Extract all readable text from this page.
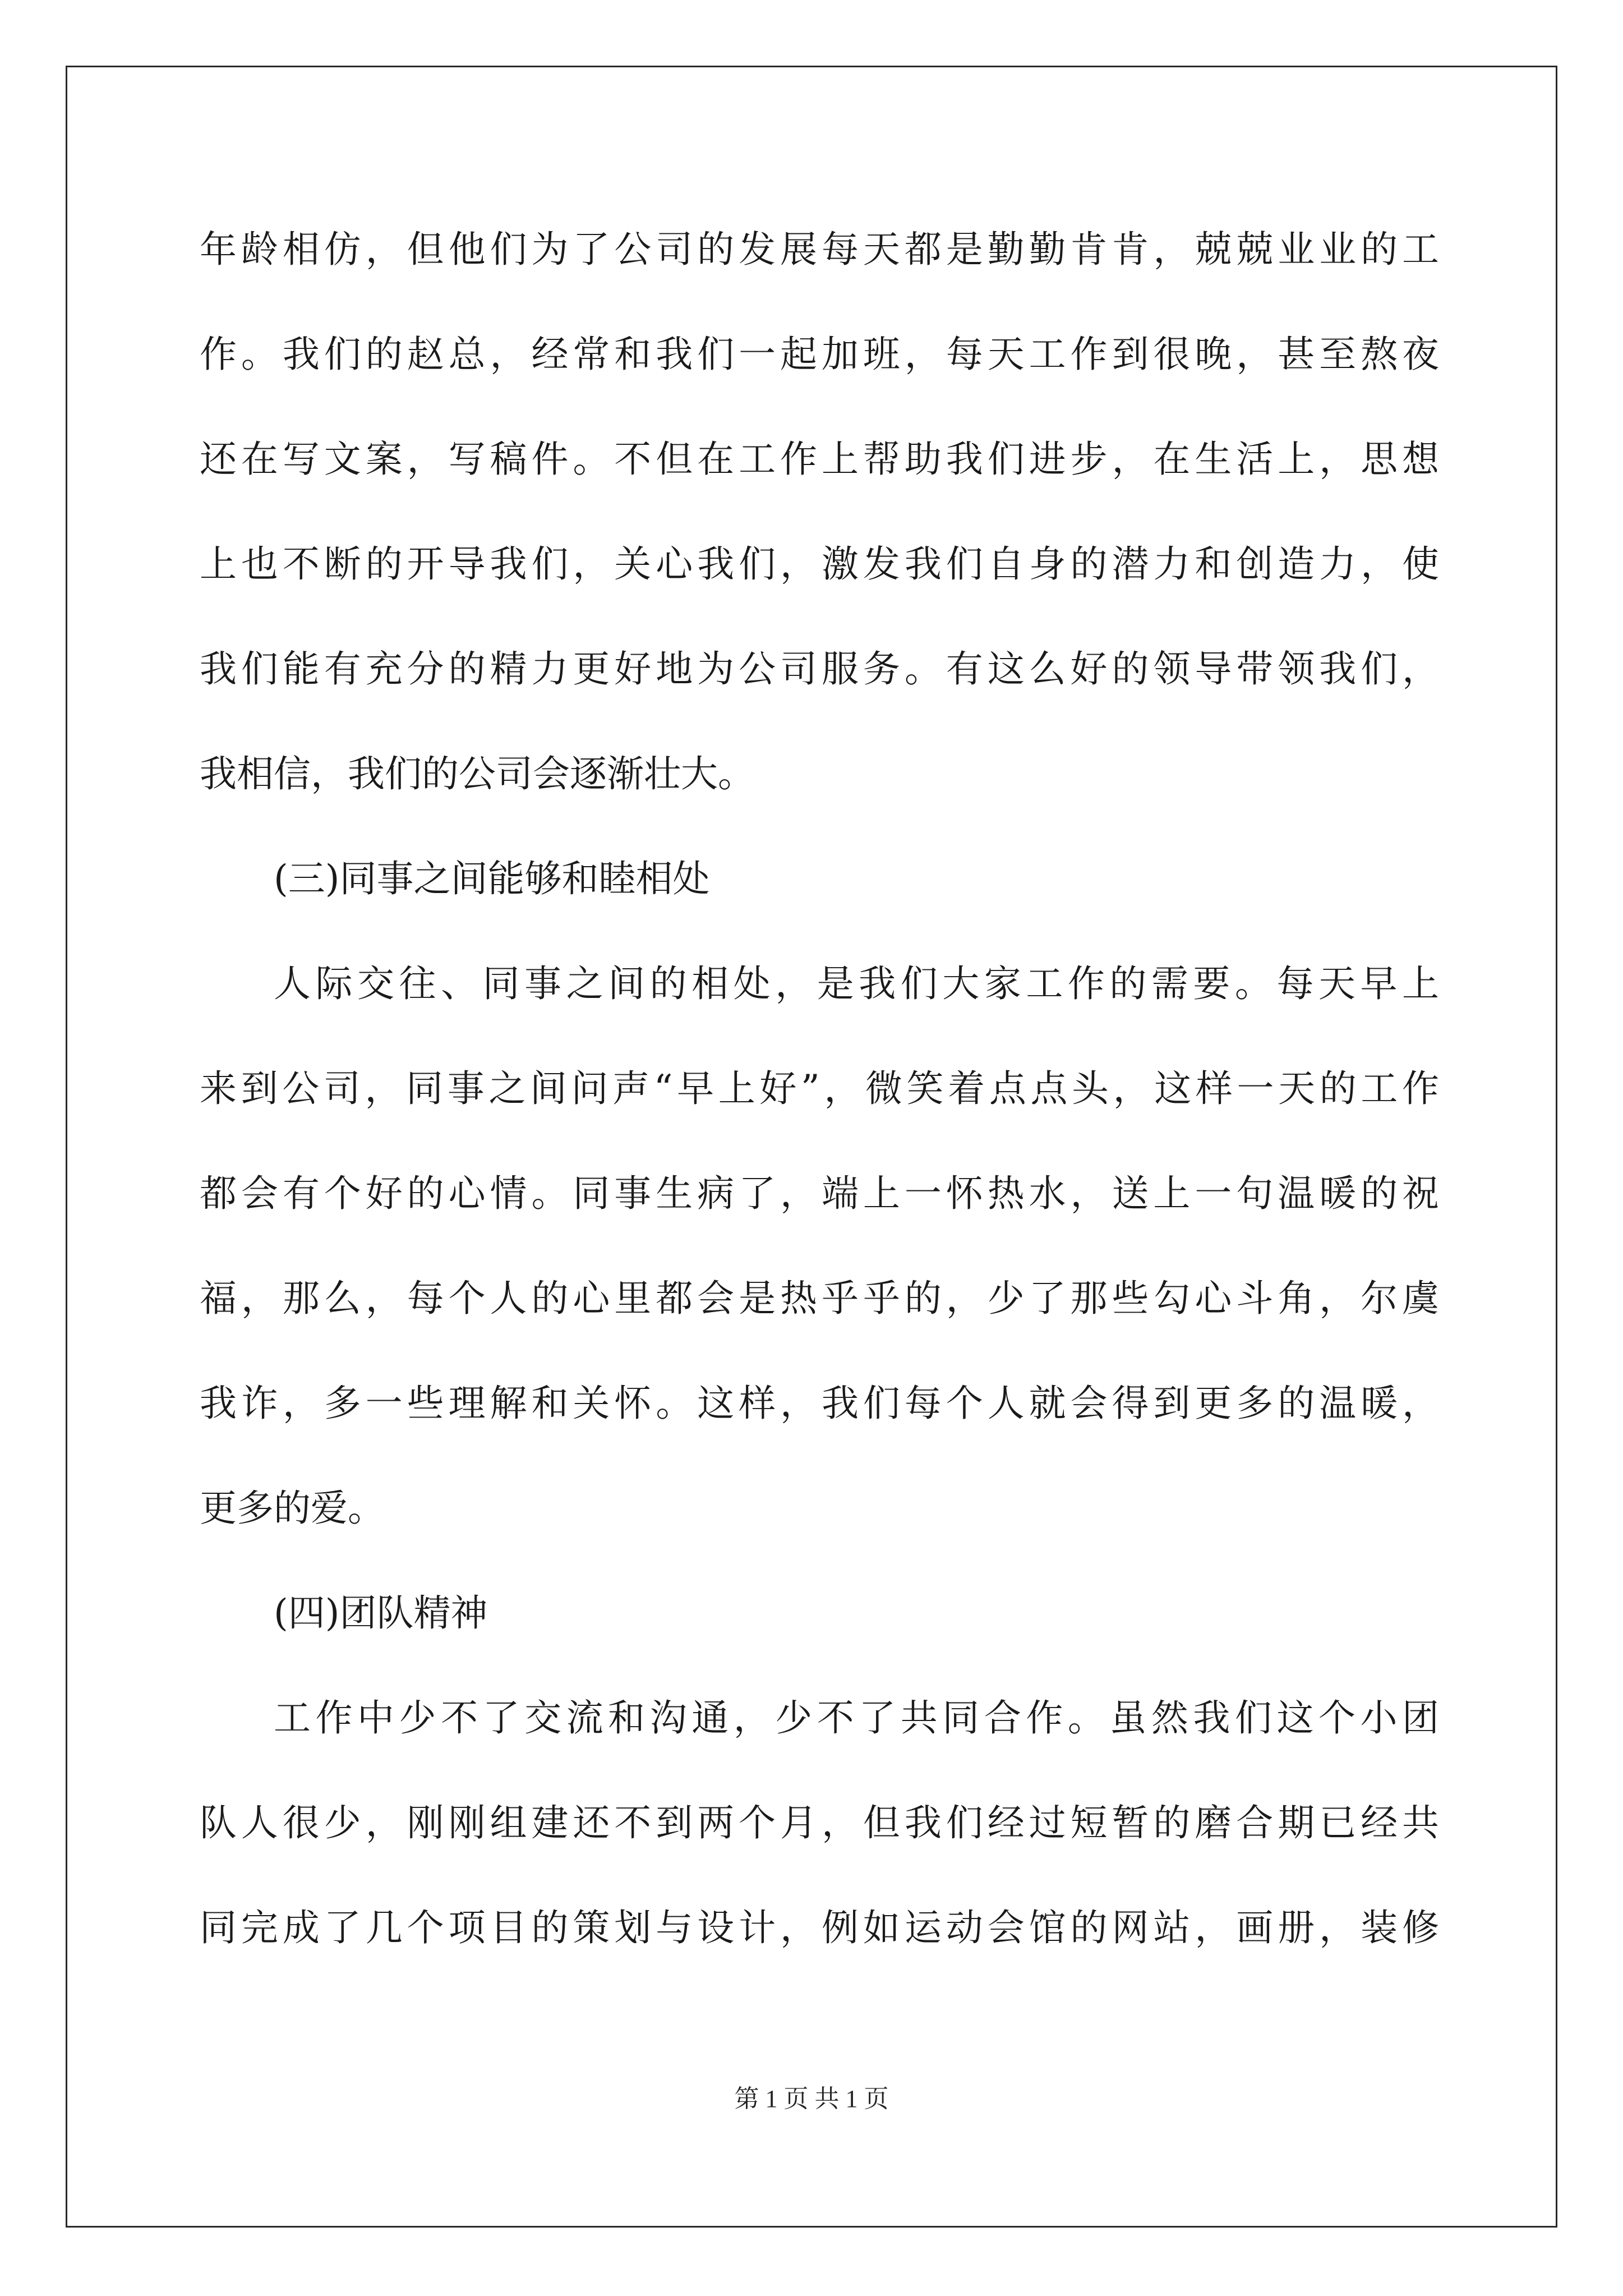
年龄相仿，但他们为了公司的发展每天都是勤勤肯肯，兢兢业业的工
作。我们的赵总，经常和我们一起加班，每天工作到很晚，甚至熬夜
还在写文案，写稿件。不但在工作上帮助我们进步，在生活上，思想
上也不断的开导我们，关心我们，激发我们自身的潜力和创造力，使
我们能有充分的精力更好地为公司服务。有这么好的领导带领我们，
我相信，我们的公司会逐渐壮大。
(三)同事之间能够和睦相处
人际交往、同事之间的相处，是我们大家工作的需要。每天早上
来到公司，同事之间问声“早上好”，微笑着点点头，这样一天的工作
都会有个好的心情。同事生病了，端上一怀热水，送上一句温暖的祝
福，那么，每个人的心里都会是热乎乎的，少了那些勾心斗角，尔虞
我诈，多一些理解和关怀。这样，我们每个人就会得到更多的温暖，
更多的爱。
(四)团队精神
工作中少不了交流和沟通，少不了共同合作。虽然我们这个小团
队人很少，刚刚组建还不到两个月，但我们经过短暂的磨合期已经共
同完成了几个项目的策划与设计，例如运动会馆的网站，画册，装修
第 1 页 共 1 页
